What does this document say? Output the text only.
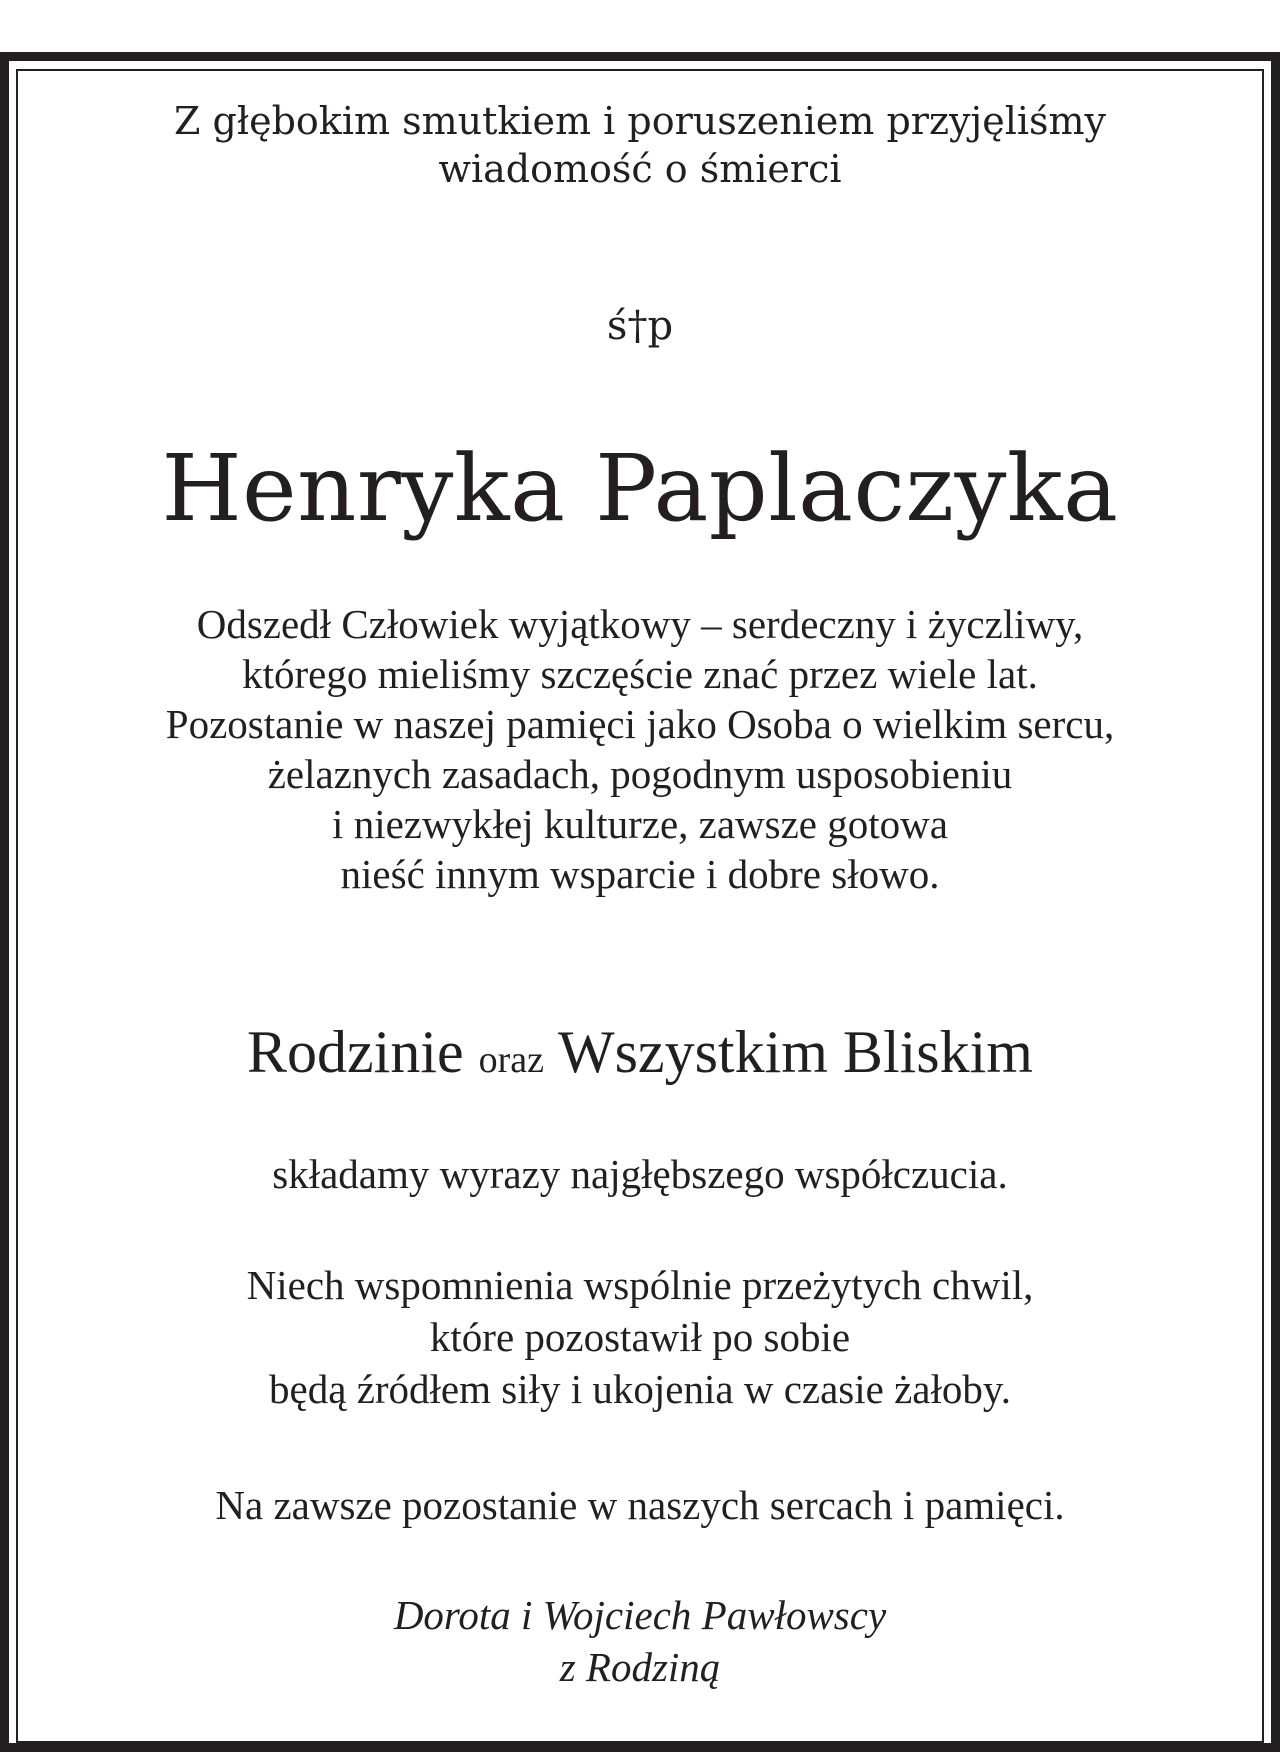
Z głębokim smutkiem i poruszeniem przyjęliśmy
wiadomość o śmierci
ś†p
Henryka Paplaczyka
Odszedł Człowiek wyjątkowy – serdeczny i życzliwy,
którego mieliśmy szczęście znać przez wiele lat.
Pozostanie w naszej pamięci jako Osoba o wielkim sercu,
żelaznych zasadach, pogodnym usposobieniu
i niezwykłej kulturze, zawsze gotowa
nieść innym wsparcie i dobre słowo.
Rodzinie oraz Wszystkim Bliskim
składamy wyrazy najgłębszego współczucia.
Niech wspomnienia wspólnie przeżytych chwil,
które pozostawił po sobie
będą źródłem siły i ukojenia w czasie żałoby.
Na zawsze pozostanie w naszych sercach i pamięci.
Dorota i Wojciech Pawłowscy
z Rodziną
